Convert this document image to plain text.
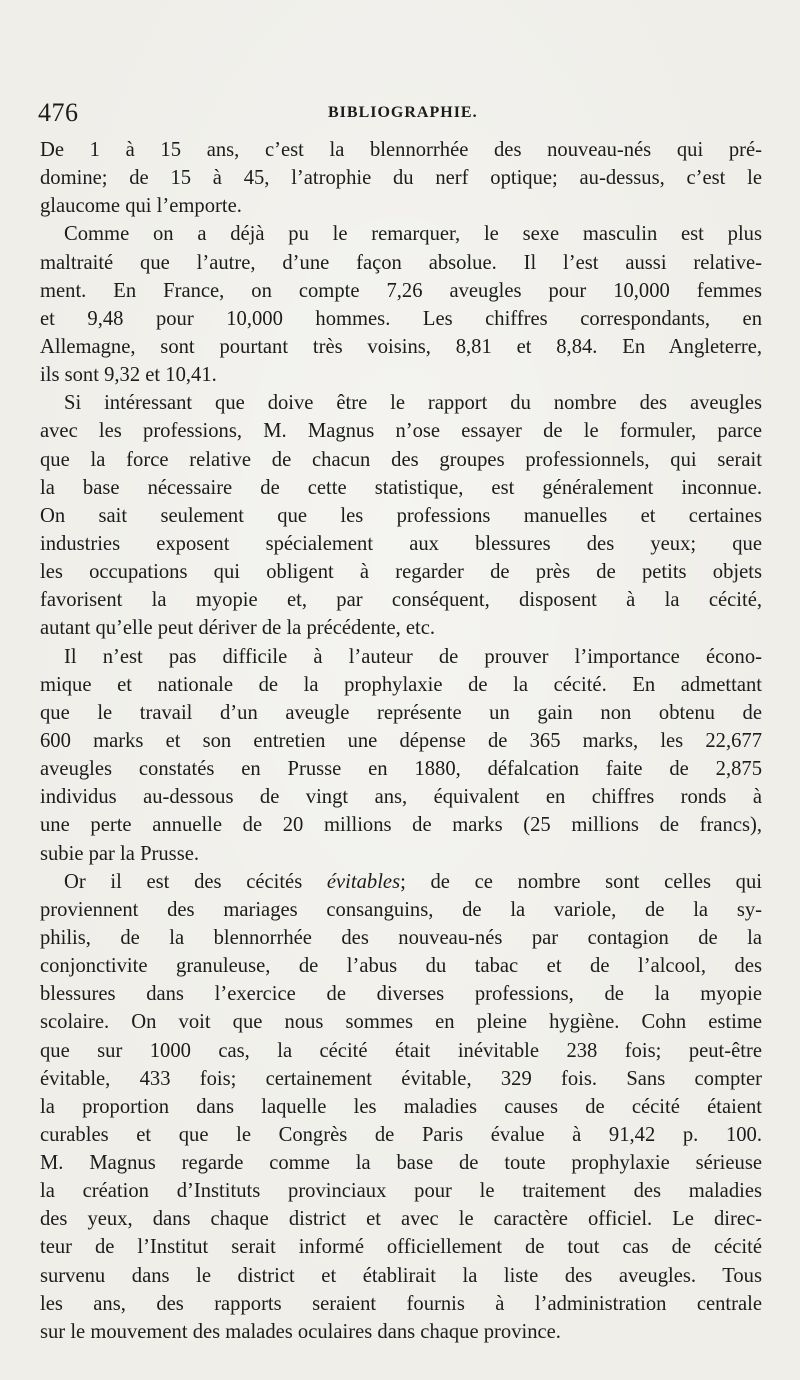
476	BIBLIOGRAPHIE.
De 1 à 15 ans, c’est la blennorrhée des nouveau-nés qui pré-
domine; de 15 à 45, l’atrophie du nerf optique; au-dessus, c’est le
glaucome qui l’emporte.
Comme on a déjà pu le remarquer, le sexe masculin est plus
maltraité que l’autre, d’une façon absolue. Il l’est aussi relative-
ment. En France, on compte 7,26 aveugles pour 10,000 femmes
et 9,48 pour 10,000 hommes. Les chiffres correspondants, en
Allemagne, sont pourtant très voisins, 8,81 et 8,84. En Angleterre,
ils sont 9,32 et 10,41.
Si intéressant que doive être le rapport du nombre des aveugles
avec les professions, M. Magnus n’ose essayer de le formuler, parce
que la force relative de chacun des groupes professionnels, qui serait
la base nécessaire de cette statistique, est généralement inconnue.
On sait seulement que les professions manuelles et certaines
industries exposent spécialement aux blessures des yeux; que
les occupations qui obligent à regarder de près de petits objets
favorisent la myopie et, par conséquent, disposent à la cécité,
autant qu’elle peut dériver de la précédente, etc.
Il n’est pas difficile à l’auteur de prouver l’importance écono-
mique et nationale de la prophylaxie de la cécité. En admettant
que le travail d’un aveugle représente un gain non obtenu de
600 marks et son entretien une dépense de 365 marks, les 22,677
aveugles constatés en Prusse en 1880, défalcation faite de 2,875
individus au-dessous de vingt ans, équivalent en chiffres ronds à
une perte annuelle de 20 millions de marks (25 millions de francs),
subie par la Prusse.
Or il est des cécités évitables; de ce nombre sont celles qui
proviennent des mariages consanguins, de la variole, de la sy-
philis, de la blennorrhée des nouveau-nés par contagion de la
conjonctivite granuleuse, de l’abus du tabac et de l’alcool, des
blessures dans l’exercice de diverses professions, de la myopie
scolaire. On voit que nous sommes en pleine hygiène. Cohn estime
que sur 1000 cas, la cécité était inévitable 238 fois; peut-être
évitable, 433 fois; certainement évitable, 329 fois. Sans compter
la proportion dans laquelle les maladies causes de cécité étaient
curables et que le Congrès de Paris évalue à 91,42 p. 100.
M. Magnus regarde comme la base de toute prophylaxie sérieuse
la création d’Instituts provinciaux pour le traitement des maladies
des yeux, dans chaque district et avec le caractère officiel. Le direc-
teur de l’Institut serait informé officiellement de tout cas de cécité
survenu dans le district et établirait la liste des aveugles. Tous
les ans, des rapports seraient fournis à l’administration centrale
sur le mouvement des malades oculaires dans chaque province.
